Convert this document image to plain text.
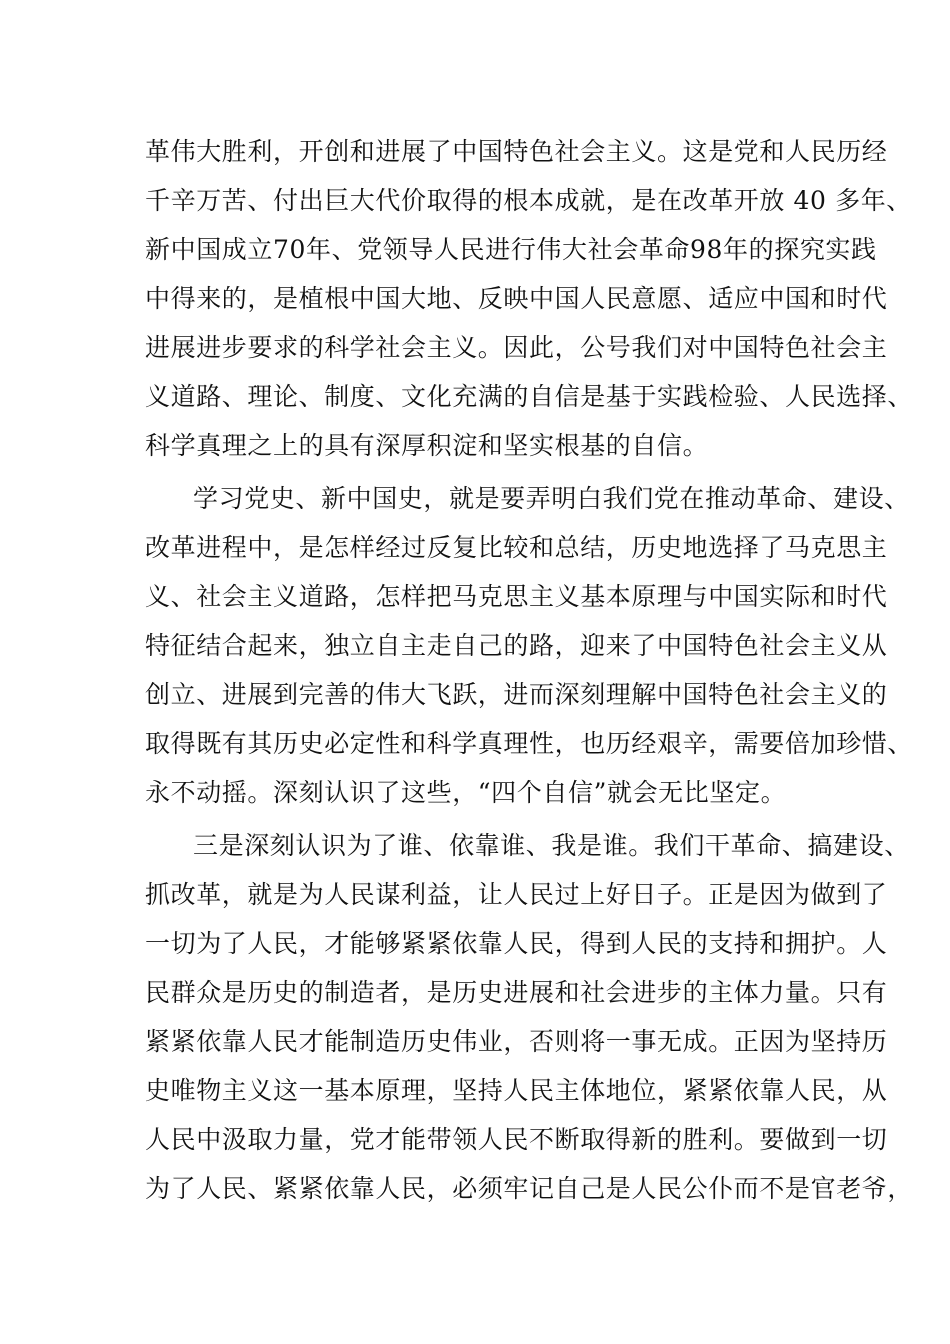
革伟大胜利，开创和进展了中国特色社会主义。这是党和人民历经
千辛万苦、付出巨大代价取得的根本成就，是在改革开放 40 多年、
新中国成立70年、党领导人民进行伟大社会革命98年的探究实践
中得来的，是植根中国大地、反映中国人民意愿、适应中国和时代
进展进步要求的科学社会主义。因此，公号我们对中国特色社会主
义道路、理论、制度、文化充满的自信是基于实践检验、人民选择、
科学真理之上的具有深厚积淀和坚实根基的自信。
学习党史、新中国史，就是要弄明白我们党在推动革命、建设、
改革进程中，是怎样经过反复比较和总结，历史地选择了马克思主
义、社会主义道路，怎样把马克思主义基本原理与中国实际和时代
特征结合起来，独立自主走自己的路，迎来了中国特色社会主义从
创立、进展到完善的伟大飞跃，进而深刻理解中国特色社会主义的
取得既有其历史必定性和科学真理性，也历经艰辛，需要倍加珍惜、
永不动摇。深刻认识了这些，“四个自信”就会无比坚定。
三是深刻认识为了谁、依靠谁、我是谁。我们干革命、搞建设、
抓改革，就是为人民谋利益，让人民过上好日子。正是因为做到了
一切为了人民，才能够紧紧依靠人民，得到人民的支持和拥护。人
民群众是历史的制造者，是历史进展和社会进步的主体力量。只有
紧紧依靠人民才能制造历史伟业，否则将一事无成。正因为坚持历
史唯物主义这一基本原理，坚持人民主体地位，紧紧依靠人民，从
人民中汲取力量，党才能带领人民不断取得新的胜利。要做到一切
为了人民、紧紧依靠人民，必须牢记自己是人民公仆而不是官老爷，
